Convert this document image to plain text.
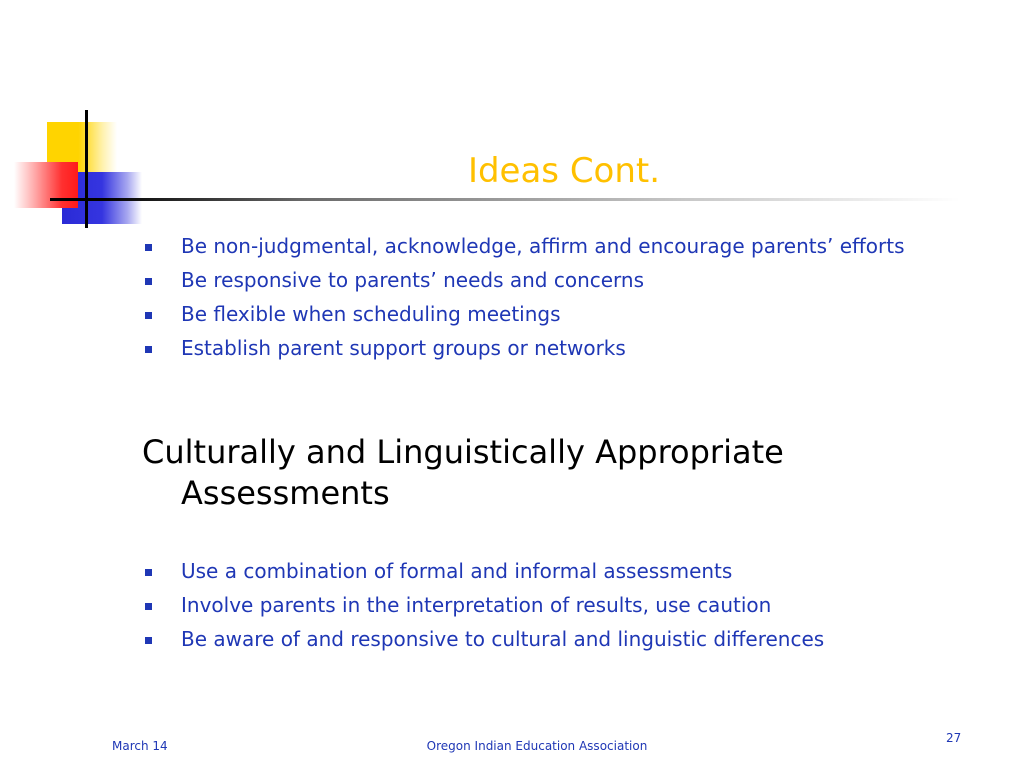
Ideas Cont.
Be non-judgmental, acknowledge, affirm and encourage parents’ efforts
Be responsive to parents’ needs and concerns
Be flexible when scheduling meetings
Establish parent support groups or networks
Culturally and Linguistically Appropriate Assessments
Use a combination of formal and informal assessments
Involve parents in the interpretation of results, use caution
Be aware of and responsive to cultural and linguistic differences
March 14	Oregon Indian Education Association
27
